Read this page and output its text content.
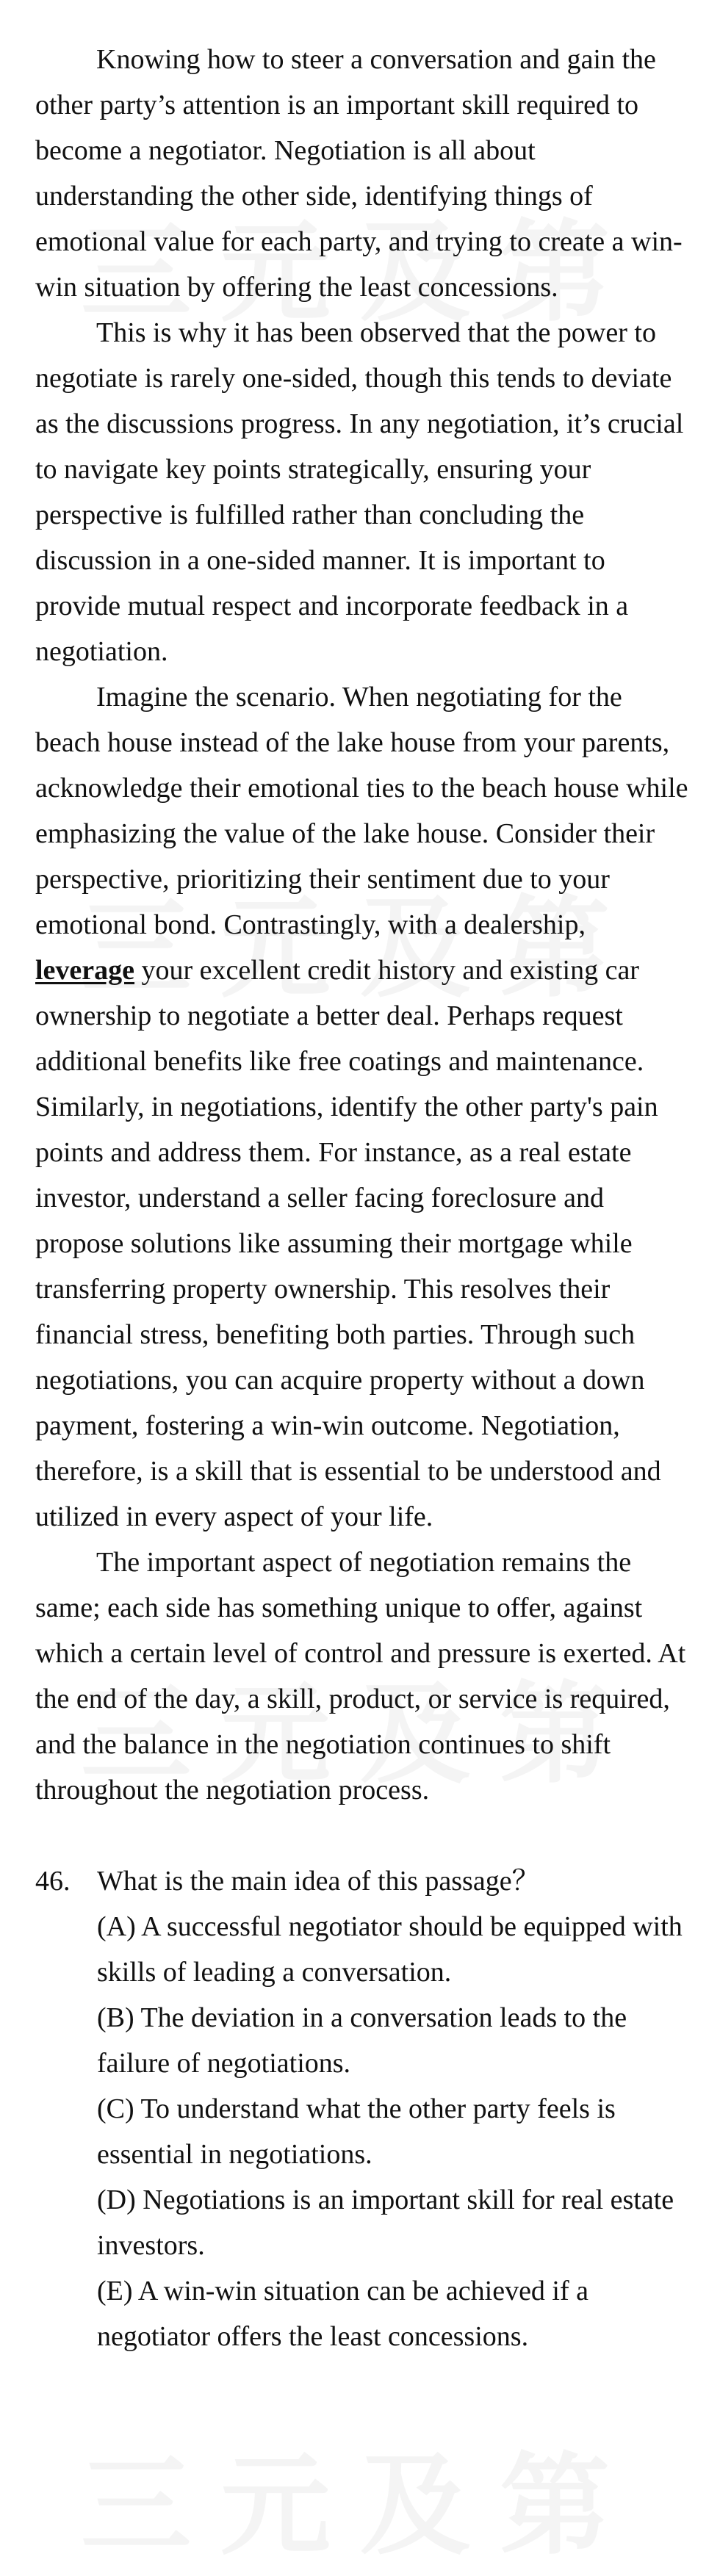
Knowing how to steer a conversation and gain the other party’s attention is an important skill required to become a negotiator. Negotiation is all about understanding the other side, identifying things of emotional value for each party, and trying to create a win-win situation by offering the least concessions.

This is why it has been observed that the power to negotiate is rarely one-sided, though this tends to deviate as the discussions progress. In any negotiation, it’s crucial to navigate key points strategically, ensuring your perspective is fulfilled rather than concluding the discussion in a one-sided manner. It is important to provide mutual respect and incorporate feedback in a negotiation.

Imagine the scenario. When negotiating for the beach house instead of the lake house from your parents, acknowledge their emotional ties to the beach house while emphasizing the value of the lake house. Consider their perspective, prioritizing their sentiment due to your emotional bond. Contrastingly, with a dealership, leverage your excellent credit history and existing car ownership to negotiate a better deal. Perhaps request additional benefits like free coatings and maintenance. Similarly, in negotiations, identify the other party's pain points and address them. For instance, as a real estate investor, understand a seller facing foreclosure and propose solutions like assuming their mortgage while transferring property ownership. This resolves their financial stress, benefiting both parties. Through such negotiations, you can acquire property without a down payment, fostering a win-win outcome. Negotiation, therefore, is a skill that is essential to be understood and utilized in every aspect of your life.

The important aspect of negotiation remains the same; each side has something unique to offer, against which a certain level of control and pressure is exerted. At the end of the day, a skill, product, or service is required, and the balance in the negotiation continues to shift throughout the negotiation process.

46. What is the main idea of this passage？

(A) A successful negotiator should be equipped with skills of leading a conversation.

(B) The deviation in a conversation leads to the failure of negotiations.

(C) To understand what the other party feels is essential in negotiations.

(D) Negotiations is an important skill for real estate investors.

(E) A win-win situation can be achieved if a negotiator offers the least concessions.
